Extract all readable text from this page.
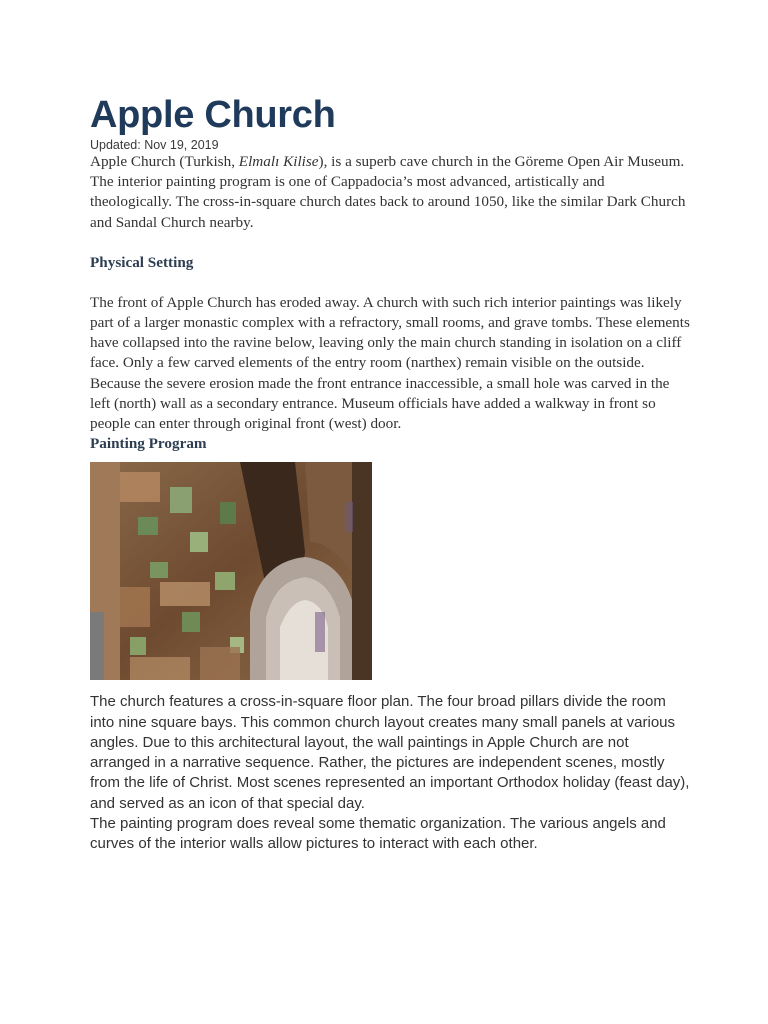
Apple Church

Updated: Nov 19, 2019

Apple Church (Turkish, Elmalı Kilise), is a superb cave church in the Göreme Open Air Museum. The interior painting program is one of Cappadocia’s most advanced, artistically and theologically. The cross-in-square church dates back to around 1050, like the similar Dark Church and Sandal Church nearby.

Physical Setting

The front of Apple Church has eroded away. A church with such rich interior paintings was likely part of a larger monastic complex with a refractory, small rooms, and grave tombs. These elements have collapsed into the ravine below, leaving only the main church standing in isolation on a cliff face. Only a few carved elements of the entry room (narthex) remain visible on the outside. Because the severe erosion made the front entrance inaccessible, a small hole was carved in the left (north) wall as a secondary entrance. Museum officials have added a walkway in front so people can enter through original front (west) door.

Painting Program

The church features a cross-in-square floor plan. The four broad pillars divide the room into nine square bays. This common church layout creates many small panels at various angles. Due to this architectural layout, the wall paintings in Apple Church are not arranged in a narrative sequence. Rather, the pictures are independent scenes, mostly from the life of Christ. Most scenes represented an important Orthodox holiday (feast day), and served as an icon of that special day.

The painting program does reveal some thematic organization. The various angels and curves of the interior walls allow pictures to interact with each other.
